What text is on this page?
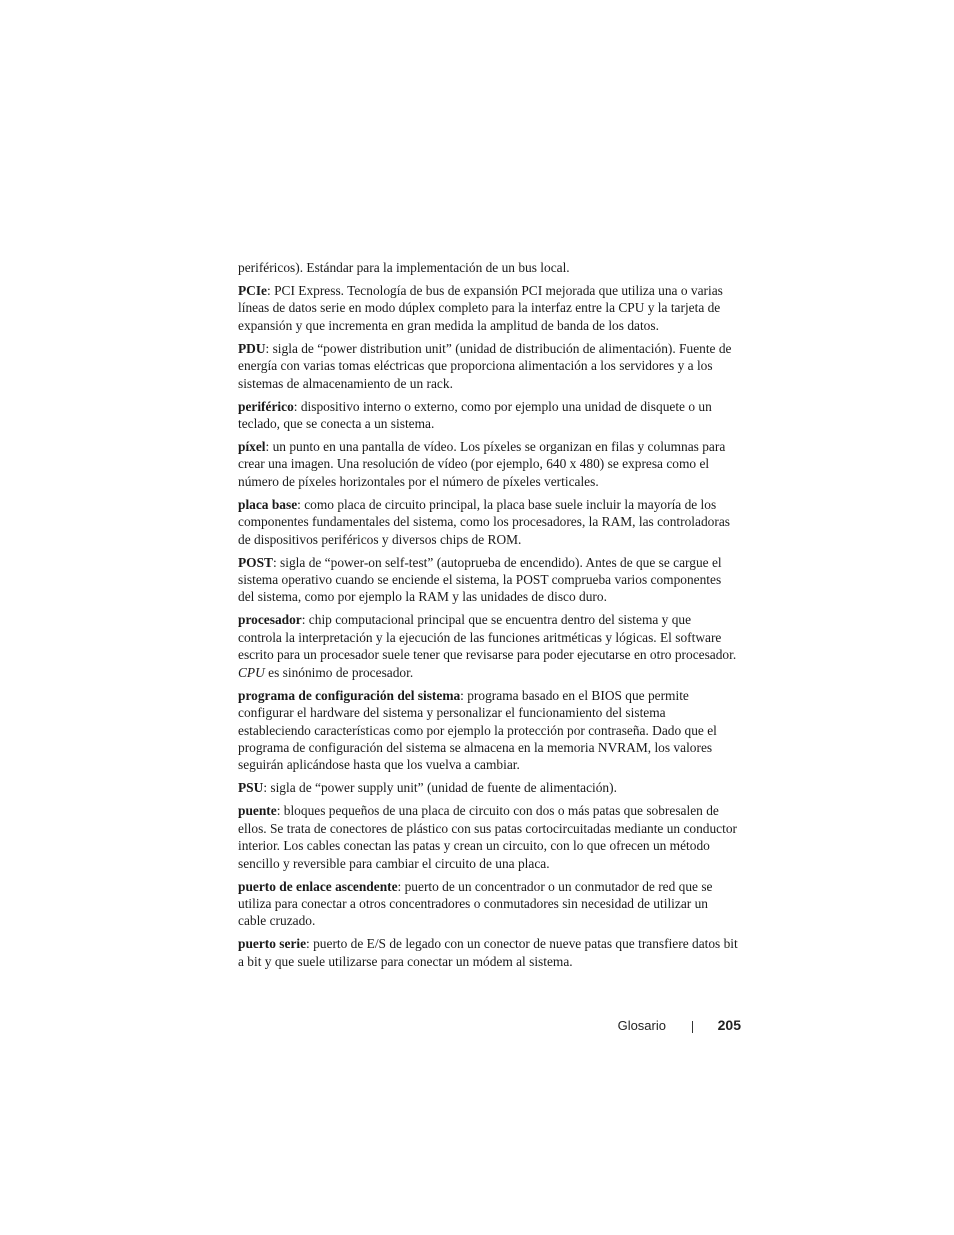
periféricos). Estándar para la implementación de un bus local.

PCIe: PCI Express. Tecnología de bus de expansión PCI mejorada que utiliza una o varias líneas de datos serie en modo dúplex completo para la interfaz entre la CPU y la tarjeta de expansión y que incrementa en gran medida la amplitud de banda de los datos.

PDU: sigla de “power distribution unit” (unidad de distribución de alimentación). Fuente de energía con varias tomas eléctricas que proporciona alimentación a los servidores y a los sistemas de almacenamiento de un rack.

periférico: dispositivo interno o externo, como por ejemplo una unidad de disquete o un teclado, que se conecta a un sistema.

píxel: un punto en una pantalla de vídeo. Los píxeles se organizan en filas y columnas para crear una imagen. Una resolución de vídeo (por ejemplo, 640 x 480) se expresa como el número de píxeles horizontales por el número de píxeles verticales.

placa base: como placa de circuito principal, la placa base suele incluir la mayoría de los componentes fundamentales del sistema, como los procesadores, la RAM, las controladoras de dispositivos periféricos y diversos chips de ROM.

POST: sigla de “power-on self-test” (autoprueba de encendido). Antes de que se cargue el sistema operativo cuando se enciende el sistema, la POST comprueba varios componentes del sistema, como por ejemplo la RAM y las unidades de disco duro.

procesador: chip computacional principal que se encuentra dentro del sistema y que controla la interpretación y la ejecución de las funciones aritméticas y lógicas. El software escrito para un procesador suele tener que revisarse para poder ejecutarse en otro procesador. CPU es sinónimo de procesador.

programa de configuración del sistema: programa basado en el BIOS que permite configurar el hardware del sistema y personalizar el funcionamiento del sistema estableciendo características como por ejemplo la protección por contraseña. Dado que el programa de configuración del sistema se almacena en la memoria NVRAM, los valores seguirán aplicándose hasta que los vuelva a cambiar.

PSU: sigla de “power supply unit” (unidad de fuente de alimentación).

puente: bloques pequeños de una placa de circuito con dos o más patas que sobresalen de ellos. Se trata de conectores de plástico con sus patas cortocircuitadas mediante un conductor interior. Los cables conectan las patas y crean un circuito, con lo que ofrecen un método sencillo y reversible para cambiar el circuito de una placa.

puerto de enlace ascendente: puerto de un concentrador o un conmutador de red que se utiliza para conectar a otros concentradores o conmutadores sin necesidad de utilizar un cable cruzado.

puerto serie: puerto de E/S de legado con un conector de nueve patas que transfiere datos bit a bit y que suele utilizarse para conectar un módem al sistema.

Glosario	205
